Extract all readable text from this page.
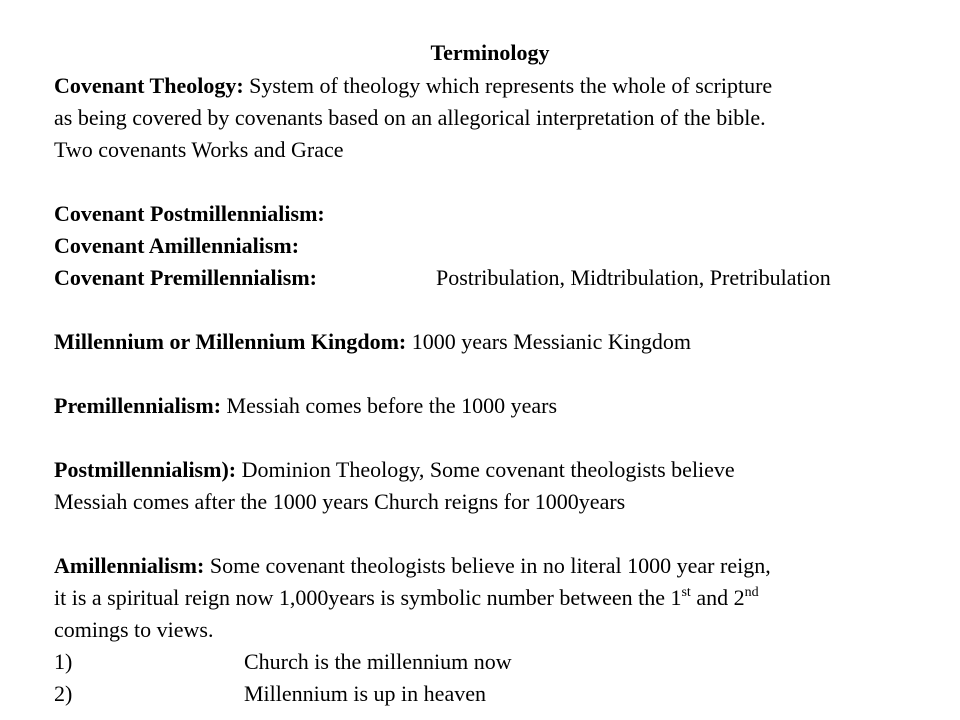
Terminology
Covenant Theology: System of theology which represents the whole of scripture
as being covered by covenants based on an allegorical interpretation of the bible.
Two covenants Works and Grace
Covenant Postmillennialism:
Covenant Amillennialism:
Covenant Premillennialism:	Postribulation, Midtribulation, Pretribulation
Millennium or Millennium Kingdom: 1000 years Messianic Kingdom
Premillennialism: Messiah comes before the 1000 years
Postmillennialism): Dominion Theology, Some covenant theologists believe
Messiah comes after the 1000 years Church reigns for 1000years
Amillennialism: Some covenant theologists believe in no literal 1000 year reign,
it is a spiritual reign now 1,000years is symbolic number between the 1st and 2nd
comings to views.
1)	Church is the millennium now
2)	Millennium is up in heaven
